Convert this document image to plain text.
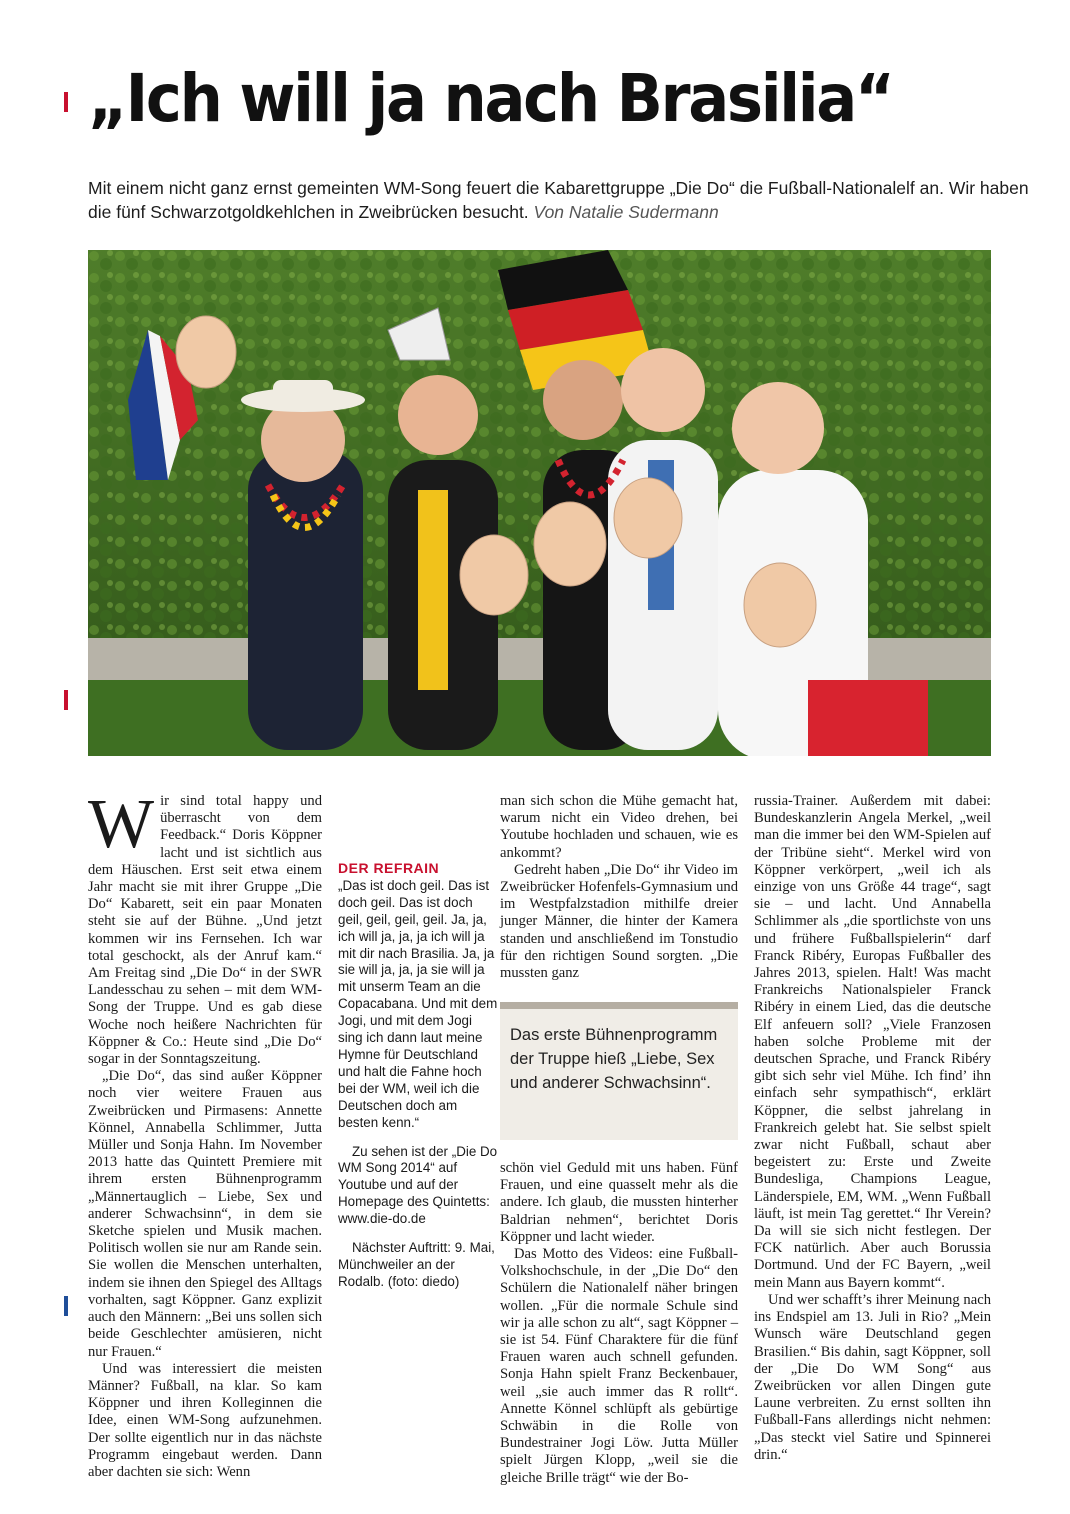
„Ich will ja nach Brasilia“
Mit einem nicht ganz ernst gemeinten WM-Song feuert die Kabarettgruppe „Die Do“ die Fußball-Nationalelf an. Wir haben die fünf Schwarzotgoldkehlchen in Zweibrücken besucht. Von Natalie Sudermann
W ir sind total happy und überrascht von dem Feedback.“ Doris Köppner lacht und ist sichtlich aus dem Häuschen. Erst seit etwa einem Jahr macht sie mit ihrer Gruppe „Die Do“ Kabarett, seit ein paar Monaten steht sie auf der Bühne. „Und jetzt kommen wir ins Fernsehen. Ich war total geschockt, als der Anruf kam.“ Am Freitag sind „Die Do“ in der SWR Landesschau zu sehen – mit dem WM-Song der Truppe. Und es gab diese Woche noch heißere Nachrichten für Köppner & Co.: Heute sind „Die Do“ sogar in der Sonntagszeitung.

„Die Do“, das sind außer Köppner noch vier weitere Frauen aus Zweibrücken und Pirmasens: Annette Könnel, Annabella Schlimmer, Jutta Müller und Sonja Hahn. Im November 2013 hatte das Quintett Premiere mit ihrem ersten Bühnenprogramm „Männertauglich – Liebe, Sex und anderer Schwachsinn“, in dem sie Sketche spielen und Musik machen. Politisch wollen sie nur am Rande sein. Sie wollen die Menschen unterhalten, indem sie ihnen den Spiegel des Alltags vorhalten, sagt Köppner. Ganz explizit auch den Männern: „Bei uns sollen sich beide Geschlechter amüsieren, nicht nur Frauen.“

Und was interessiert die meisten Männer? Fußball, na klar. So kam Köppner und ihren Kolleginnen die Idee, einen WM-Song aufzunehmen. Der sollte eigentlich nur in das nächste Programm eingebaut werden. Dann aber dachten sie sich: Wenn

DER REFRAIN

„Das ist doch geil. Das ist doch geil. Das ist doch geil, geil, geil, geil. Ja, ja, ich will ja, ja, ja ich will ja mit dir nach Brasilia. Ja, ja sie will ja, ja, ja sie will ja mit unserm Team an die Copacabana. Und mit dem Jogi, und mit dem Jogi sing ich dann laut meine Hymne für Deutschland und halt die Fahne hoch bei der WM, weil ich die Deutschen doch am besten kenn.“

Zu sehen ist der „Die Do WM Song 2014“ auf Youtube und auf der Homepage des Quintetts: www.die-do.de

Nächster Auftritt: 9. Mai, Münchweiler an der Rodalb. (foto: diedo)

man sich schon die Mühe gemacht hat, warum nicht ein Video drehen, bei Youtube hochladen und schauen, wie es ankommt?

Gedreht haben „Die Do“ ihr Video im Zweibrücker Hofenfels-Gymnasium und im Westpfalzstadion mithilfe dreier junger Männer, die hinter der Kamera standen und anschließend im Tonstudio für den richtigen Sound sorgten. „Die mussten ganz

Das erste Bühnenprogramm der Truppe hieß „Liebe, Sex und anderer Schwachsinn“.

schön viel Geduld mit uns haben. Fünf Frauen, und eine quasselt mehr als die andere. Ich glaub, die mussten hinterher Baldrian nehmen“, berichtet Doris Köppner und lacht wieder.

Das Motto des Videos: eine Fußball-Volkshochschule, in der „Die Do“ den Schülern die Nationalelf näher bringen wollen. „Für die normale Schule sind wir ja alle schon zu alt“, sagt Köppner – sie ist 54. Fünf Charaktere für die fünf Frauen waren auch schnell gefunden. Sonja Hahn spielt Franz Beckenbauer, weil „sie auch immer das R rollt“. Annette Könnel schlüpft als gebürtige Schwäbin in die Rolle von Bundestrainer Jogi Löw. Jutta Müller spielt Jürgen Klopp, „weil sie die gleiche Brille trägt“ wie der Bo-

russia-Trainer. Außerdem mit dabei: Bundeskanzlerin Angela Merkel, „weil man die immer bei den WM-Spielen auf der Tribüne sieht“. Merkel wird von Köppner verkörpert, „weil ich als einzige von uns Größe 44 trage“, sagt sie – und lacht. Und Annabella Schlimmer als „die sportlichste von uns und frühere Fußballspielerin“ darf Franck Ribéry, Europas Fußballer des Jahres 2013, spielen. Halt! Was macht Frankreichs Nationalspieler Franck Ribéry in einem Lied, das die deutsche Elf anfeuern soll? „Viele Franzosen haben solche Probleme mit der deutschen Sprache, und Franck Ribéry gibt sich sehr viel Mühe. Ich find’ ihn einfach sehr sympathisch“, erklärt Köppner, die selbst jahrelang in Frankreich gelebt hat. Sie selbst spielt zwar nicht Fußball, schaut aber begeistert zu: Erste und Zweite Bundesliga, Champions League, Länderspiele, EM, WM. „Wenn Fußball läuft, ist mein Tag gerettet.“ Ihr Verein? Da will sie sich nicht festlegen. Der FCK natürlich. Aber auch Borussia Dortmund. Und der FC Bayern, „weil mein Mann aus Bayern kommt“.

Und wer schafft’s ihrer Meinung nach ins Endspiel am 13. Juli in Rio? „Mein Wunsch wäre Deutschland gegen Brasilien.“ Bis dahin, sagt Köppner, soll der „Die Do WM Song“ aus Zweibrücken vor allen Dingen gute Laune verbreiten. Zu ernst sollten ihn Fußball-Fans allerdings nicht nehmen: „Das steckt viel Satire und Spinnerei drin.“
